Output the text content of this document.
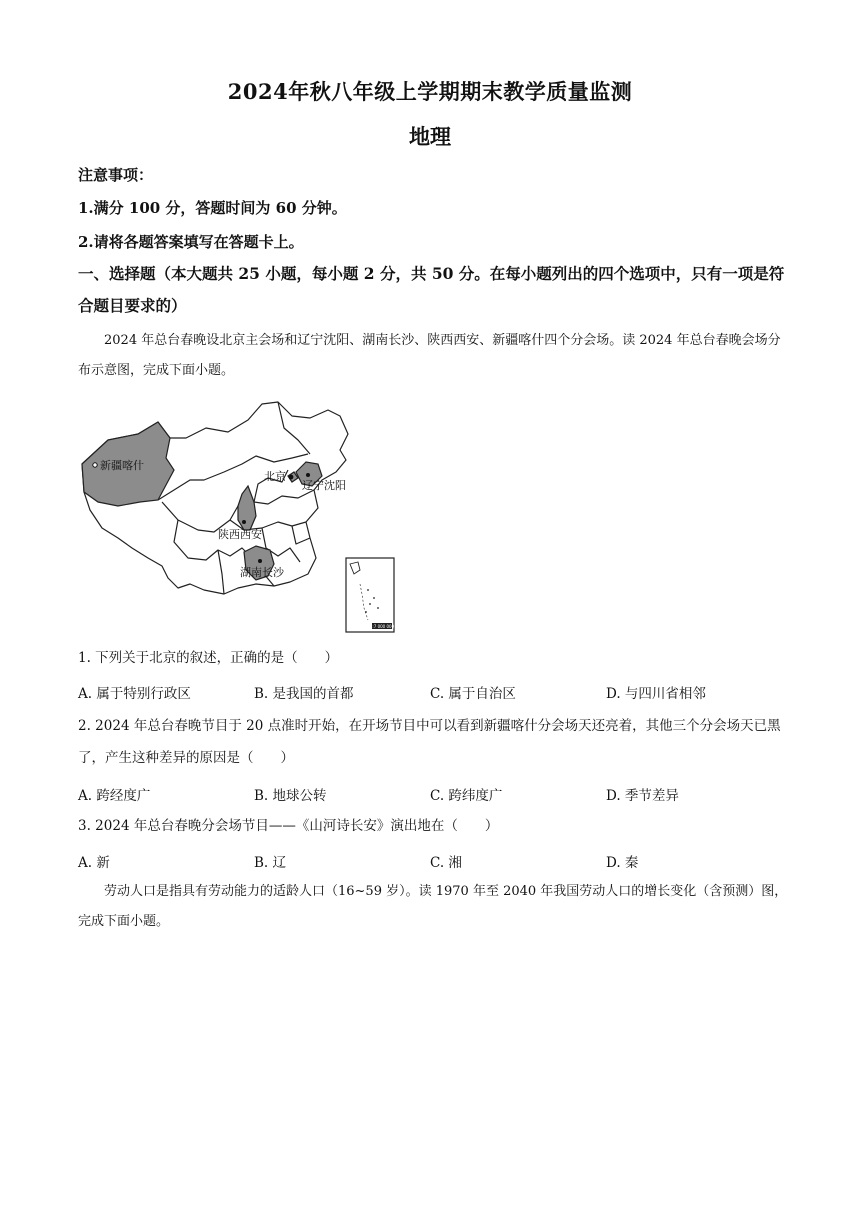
2024年秋八年级上学期期末教学质量监测
地理
注意事项：
1.满分 100 分，答题时间为 60 分钟。
2.请将各题答案填写在答题卡上。
一、选择题（本大题共 25 小题，每小题 2 分，共 50 分。在每小题列出的四个选项中，只有一项是符合题目要求的）
2024 年总台春晚设北京主会场和辽宁沈阳、湖南长沙、陕西西安、新疆喀什四个分会场。读 2024 年总台春晚会场分布示意图，完成下面小题。
新疆喀什
北京
辽宁沈阳
陕西西安
湖南长沙
1:7 000 000
1. 下列关于北京的叙述，正确的是（　　）
A. 属于特别行政区	B. 是我国的首都	C. 属于自治区	D. 与四川省相邻
2. 2024 年总台春晚节目于 20 点准时开始，在开场节目中可以看到新疆喀什分会场天还亮着，其他三个分会场天已黑了，产生这种差异的原因是（　　）
A. 跨经度广	B. 地球公转	C. 跨纬度广	D. 季节差异
3. 2024 年总台春晚分会场节目——《山河诗长安》演出地在（　　）
A. 新	B. 辽	C. 湘	D. 秦
劳动人口是指具有劳动能力的适龄人口（16~59 岁）。读 1970 年至 2040 年我国劳动人口的增长变化（含预测）图，完成下面小题。
